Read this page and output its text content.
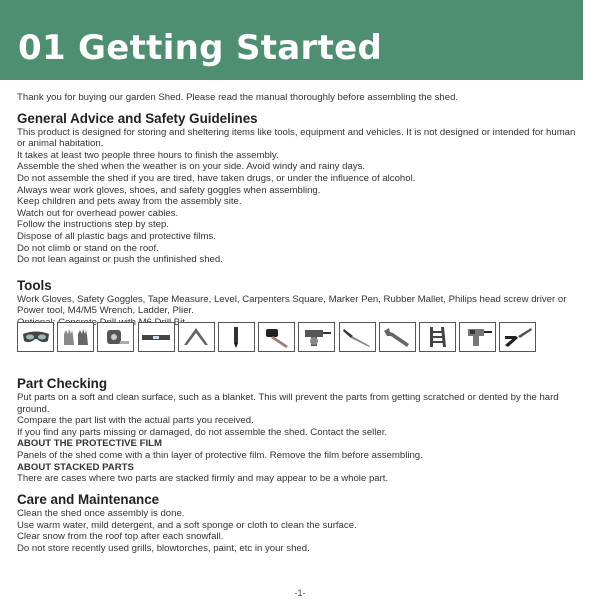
01 Getting Started
Thank you for buying our garden Shed. Please read the manual thoroughly before assembling the shed.
General Advice and Safety Guidelines
This product is designed for storing and sheltering items like tools, equipment and vehicles. It is not designed or intended for human or animal habitation.
It takes at least two people three hours to finish the assembly.
Assemble the shed when the weather is on your side. Avoid windy and rainy days.
Do not assemble the shed if you are tired, have taken drugs, or under the influence of alcohol.
Always wear work gloves, shoes, and safety goggles when assembling.
Keep children and pets away from the assembly site.
Watch out for overhead power cables.
Follow the instructions step by step.
Dispose of all plastic bags and protective films.
Do not climb or stand on the roof.
Do not lean against or push the unfinished shed.
Tools
Work Gloves, Safety Goggles, Tape Measure, Level, Carpenters Square, Marker Pen, Rubber Mallet, Philips head screw driver or Power tool, M4/M5 Wrench, Ladder, Plier.
Part Checking
Put parts on a soft and clean surface, such as a blanket. This will prevent the parts from getting scratched or dented by the hard ground.
Compare the part list with the actual parts you received.
If you find any parts missing or damaged, do not assemble the shed. Contact the seller.
ABOUT THE PROTECTIVE FILM
Panels of the shed come with a thin layer of protective film. Remove the film before assembling.
ABOUT STACKED PARTS
There are cases where two parts are stacked firmly and may appear to be a whole part.
Care and Maintenance
Clean the shed once assembly is done.
Use warm water, mild detergent, and a soft sponge or cloth to clean the surface.
Clear snow from the roof top after each snowfall.
Do not store recently used grills, blowtorches, paint, etc in your shed.
-1-
